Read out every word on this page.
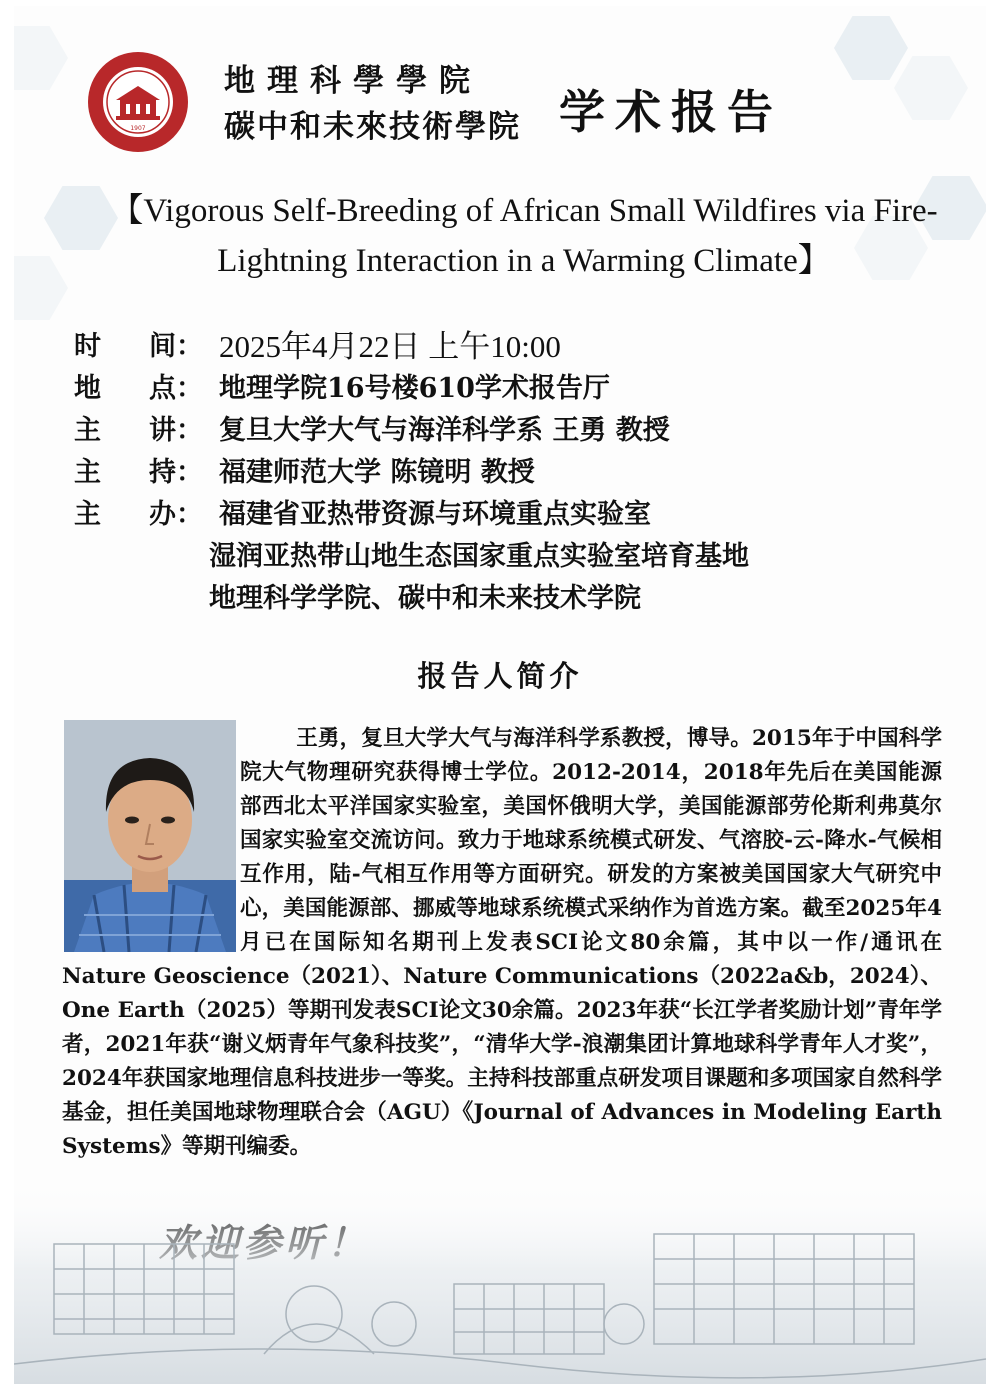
1907
地理科學學院
碳中和未來技術學院 学术报告
【Vigorous Self-Breeding of African Small Wildfires via Fire-Lightning Interaction in a Warming Climate】
时 间： 2025年4月22日 上午10:00
地 点： 地理学院16号楼610学术报告厅
主 讲： 复旦大学大气与海洋科学系 王勇 教授
主 持： 福建师范大学 陈镜明 教授
主 办： 福建省亚热带资源与环境重点实验室
湿润亚热带山地生态国家重点实验室培育基地
地理科学学院、碳中和未来技术学院
报告人简介
王勇，复旦大学大气与海洋科学系教授，博导。2015年于中国科学院大气物理研究获得博士学位。2012-2014，2018年先后在美国能源部西北太平洋国家实验室，美国怀俄明大学，美国能源部劳伦斯利弗莫尔国家实验室交流访问。致力于地球系统模式研发、气溶胶-云-降水-气候相互作用，陆-气相互作用等方面研究。研发的方案被美国国家大气研究中心，美国能源部、挪威等地球系统模式采纳作为首选方案。截至2025年4月已在国际知名期刊上发表SCI论文80余篇，其中以一作/通讯在Nature Geoscience（2021）、Nature Communications（2022a&b，2024）、One Earth（2025）等期刊发表SCI论文30余篇。2023年获“长江学者奖励计划”青年学者，2021年获“谢义炳青年气象科技奖”，“清华大学-浪潮集团计算地球科学青年人才奖”，2024年获国家地理信息科技进步一等奖。主持科技部重点研发项目课题和多项国家自然科学基金，担任美国地球物理联合会（AGU）《Journal of Advances in Modeling Earth Systems》等期刊编委。
